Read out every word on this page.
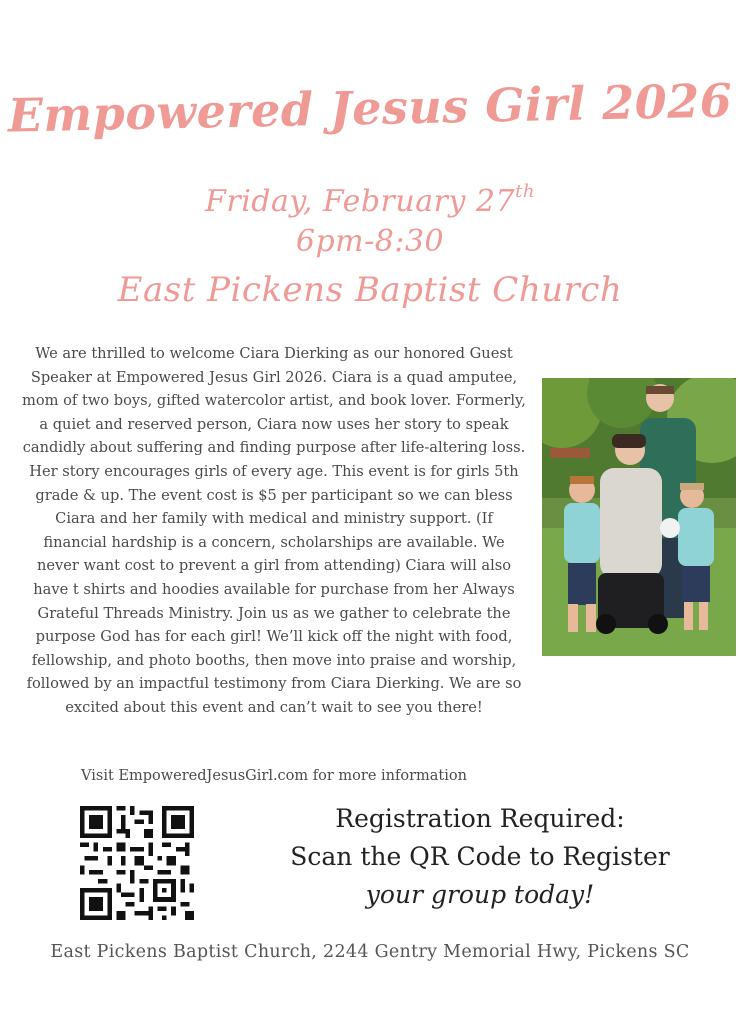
Empowered Jesus Girl 2026

Friday, February 27th

6pm-8:30

East Pickens Baptist Church

We are thrilled to welcome Ciara Dierking as our honored Guest Speaker at Empowered Jesus Girl 2026. Ciara is a quad amputee, mom of two boys, gifted watercolor artist, and book lover. Formerly, a quiet and reserved person, Ciara now uses her story to speak candidly about suffering and finding purpose after life-altering loss. Her story encourages girls of every age. This event is for girls 5th grade & up. The event cost is $5 per participant so we can bless Ciara and her family with medical and ministry support. (If financial hardship is a concern, scholarships are available. We never want cost to prevent a girl from attending) Ciara will also have t shirts and hoodies available for purchase from her Always Grateful Threads Ministry. Join us as we gather to celebrate the purpose God has for each girl! We’ll kick off the night with food, fellowship, and photo booths, then move into praise and worship, followed by an impactful testimony from Ciara Dierking. We are so excited about this event and can’t wait to see you there!

Visit EmpoweredJesusGirl.com for more information

Registration Required:
Scan the QR Code to Register
your group today!

East Pickens Baptist Church, 2244 Gentry Memorial Hwy, Pickens SC
